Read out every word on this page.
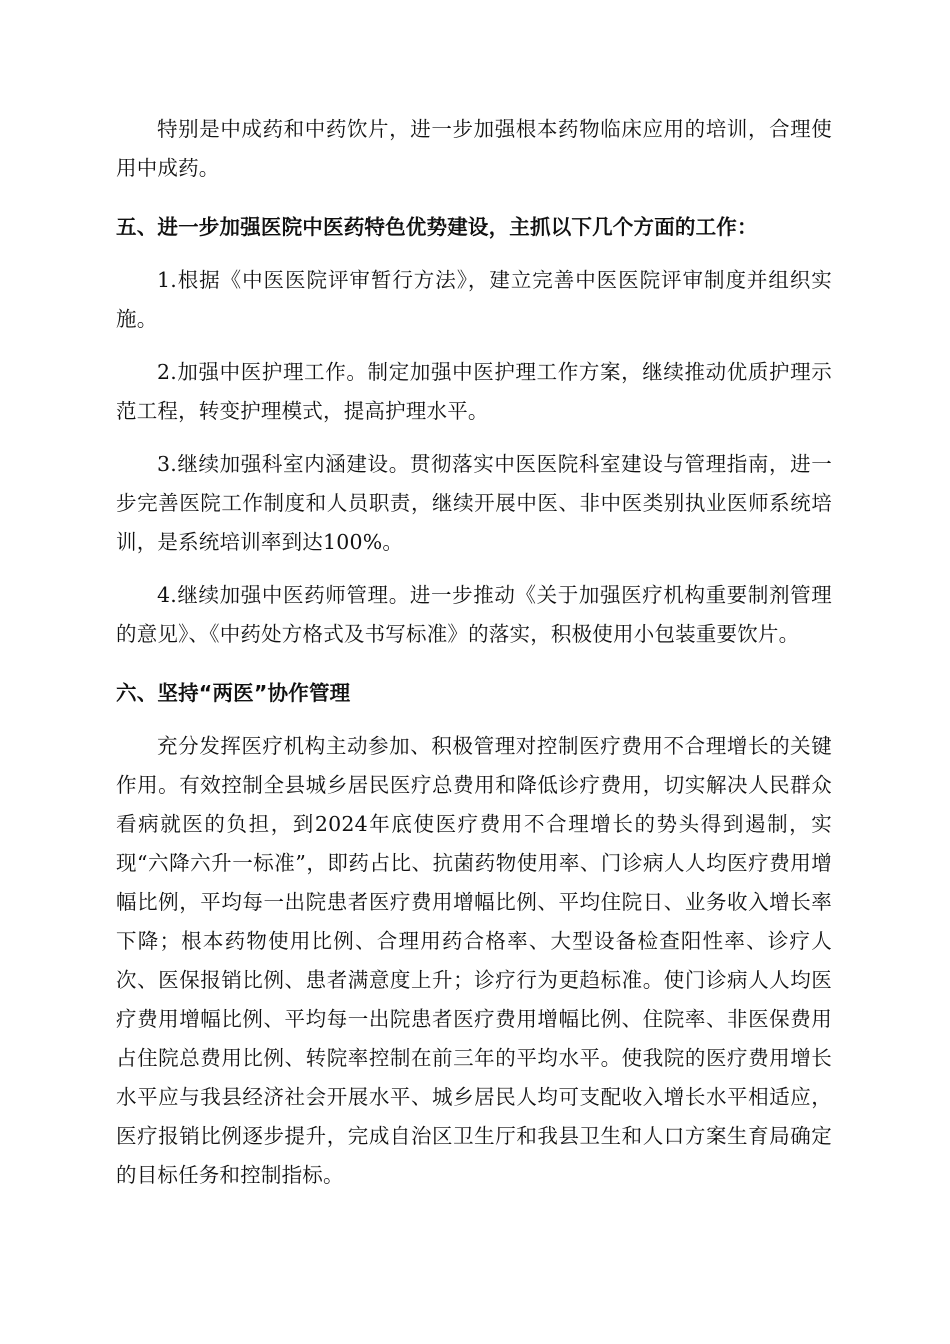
特别是中成药和中药饮片，进一步加强根本药物临床应用的培训，合理使用中成药。

五、进一步加强医院中医药特色优势建设，主抓以下几个方面的工作：

1.根据《中医医院评审暂行方法》，建立完善中医医院评审制度并组织实施。

2.加强中医护理工作。制定加强中医护理工作方案，继续推动优质护理示范工程，转变护理模式，提高护理水平。

3.继续加强科室内涵建设。贯彻落实中医医院科室建设与管理指南，进一步完善医院工作制度和人员职责，继续开展中医、非中医类别执业医师系统培训，是系统培训率到达100%。

4.继续加强中医药师管理。进一步推动《关于加强医疗机构重要制剂管理的意见》、《中药处方格式及书写标准》的落实，积极使用小包装重要饮片。

六、坚持“两医”协作管理

充分发挥医疗机构主动参加、积极管理对控制医疗费用不合理增长的关键作用。有效控制全县城乡居民医疗总费用和降低诊疗费用，切实解决人民群众看病就医的负担，到2024年底使医疗费用不合理增长的势头得到遏制，实现“六降六升一标准”，即药占比、抗菌药物使用率、门诊病人人均医疗费用增幅比例，平均每一出院患者医疗费用增幅比例、平均住院日、业务收入增长率下降；根本药物使用比例、合理用药合格率、大型设备检查阳性率、诊疗人次、医保报销比例、患者满意度上升；诊疗行为更趋标准。使门诊病人人均医疗费用增幅比例、平均每一出院患者医疗费用增幅比例、住院率、非医保费用占住院总费用比例、转院率控制在前三年的平均水平。使我院的医疗费用增长水平应与我县经济社会开展水平、城乡居民人均可支配收入增长水平相适应，医疗报销比例逐步提升，完成自治区卫生厅和我县卫生和人口方案生育局确定的目标任务和控制指标。
